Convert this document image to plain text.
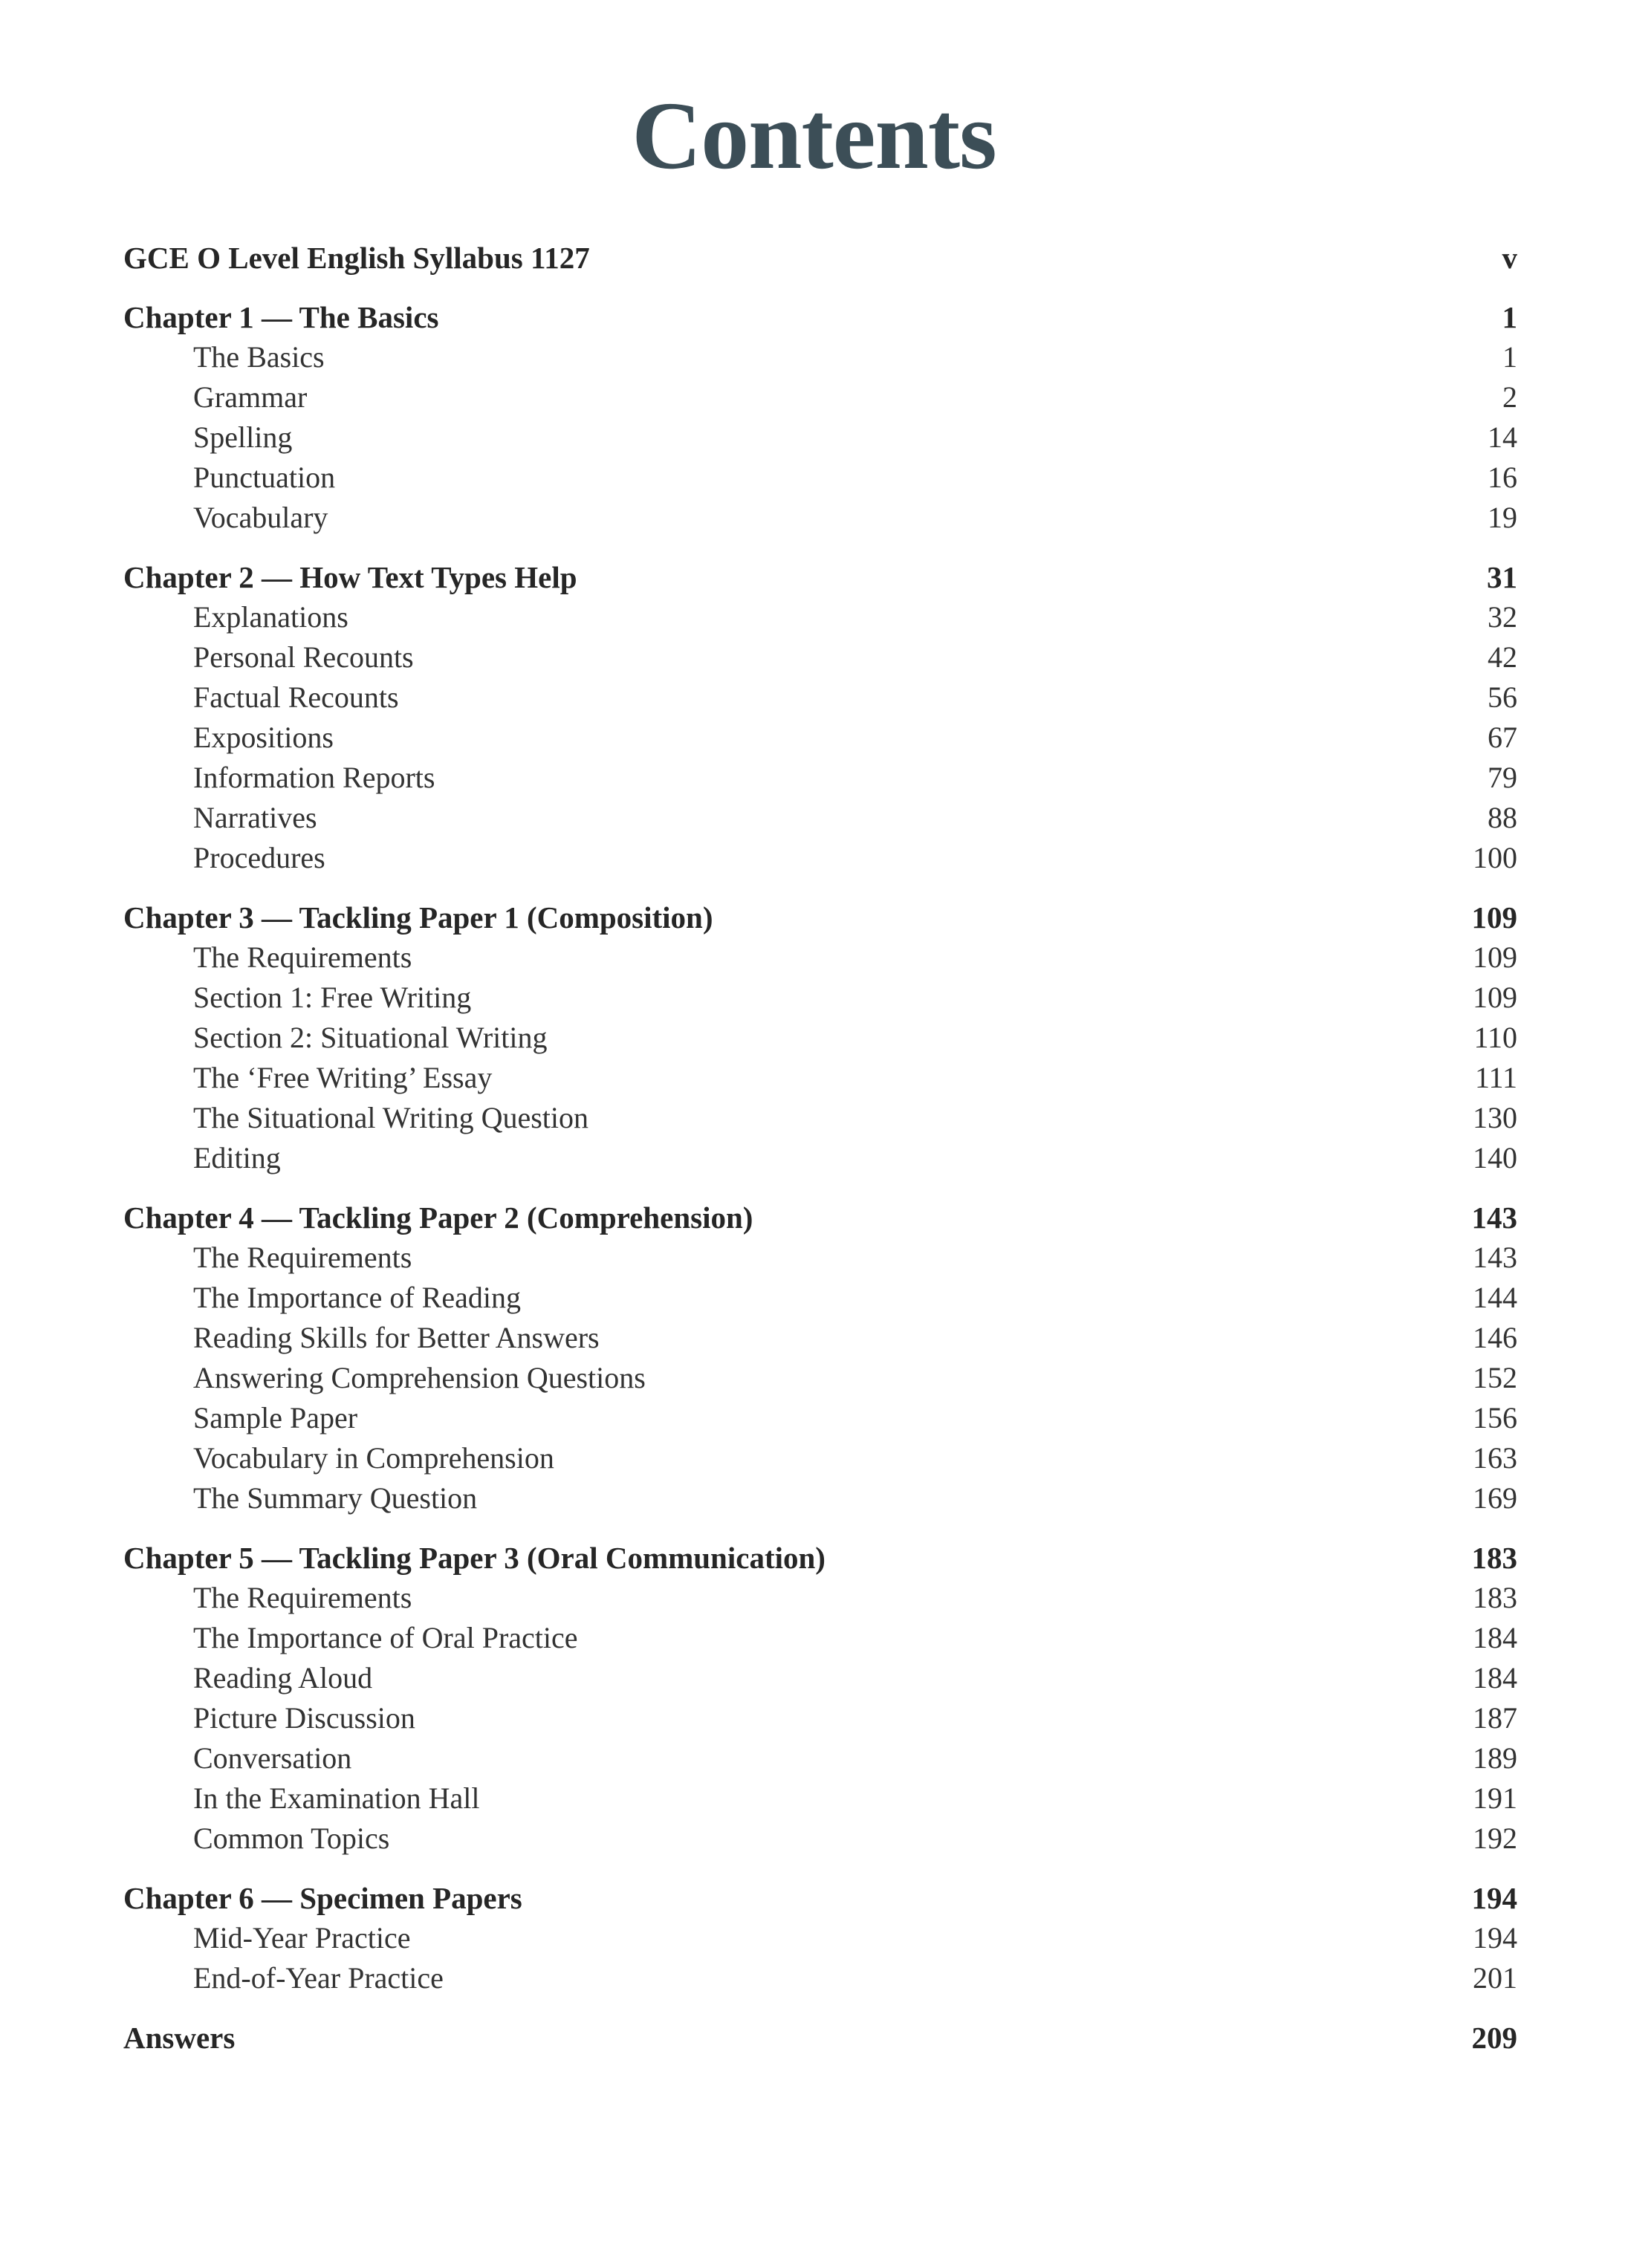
Contents
GCE O Level English Syllabus 1127	v
Chapter 1 — The Basics	1
The Basics	1
Grammar	2
Spelling	14
Punctuation	16
Vocabulary	19
Chapter 2 — How Text Types Help	31
Explanations	32
Personal Recounts	42
Factual Recounts	56
Expositions	67
Information Reports	79
Narratives	88
Procedures	100
Chapter 3 — Tackling Paper 1 (Composition)	109
The Requirements	109
Section 1: Free Writing	109
Section 2: Situational Writing	110
The ‘Free Writing’ Essay	111
The Situational Writing Question	130
Editing	140
Chapter 4 — Tackling Paper 2 (Comprehension)	143
The Requirements	143
The Importance of Reading	144
Reading Skills for Better Answers	146
Answering Comprehension Questions	152
Sample Paper	156
Vocabulary in Comprehension	163
The Summary Question	169
Chapter 5 — Tackling Paper 3 (Oral Communication)	183
The Requirements	183
The Importance of Oral Practice	184
Reading Aloud	184
Picture Discussion	187
Conversation	189
In the Examination Hall	191
Common Topics	192
Chapter 6 — Specimen Papers	194
Mid-Year Practice	194
End-of-Year Practice	201
Answers	209
